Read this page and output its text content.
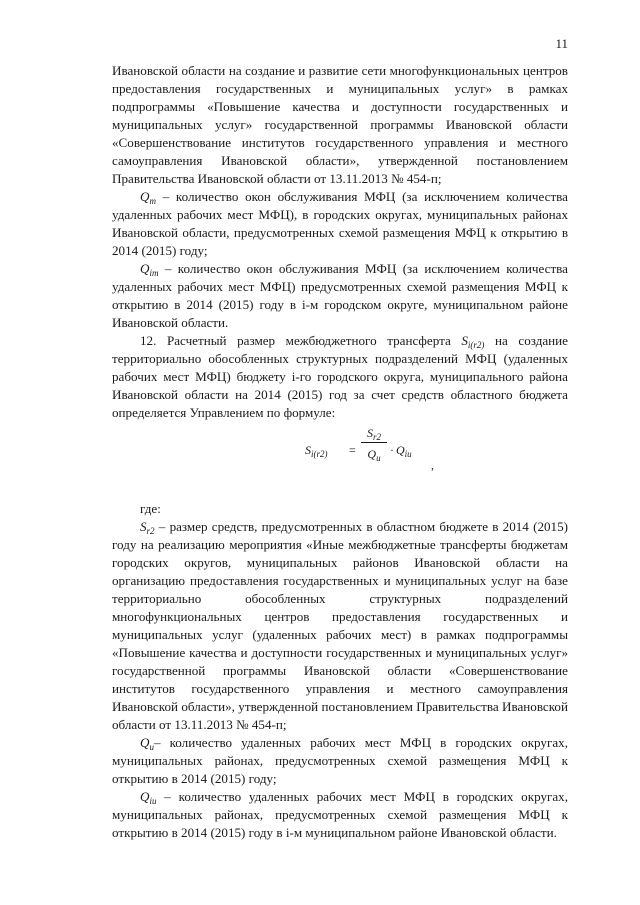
11

Ивановской области на создание и развитие сети многофункциональных центров предоставления государственных и муниципальных услуг» в рамках подпрограммы «Повышение качества и доступности государственных и муниципальных услуг» государственной программы Ивановской области «Совершенствование институтов государственного управления и местного самоуправления Ивановской области», утвержденной постановлением Правительства Ивановской области от 13.11.2013 № 454-п;

$Q_m$ – количество окон обслуживания МФЦ (за исключением количества удаленных рабочих мест МФЦ), в городских округах, муниципальных районах Ивановской области, предусмотренных схемой размещения МФЦ к открытию в 2014 (2015) году;

$Q_{im}$ – количество окон обслуживания МФЦ (за исключением количества удаленных рабочих мест МФЦ) предусмотренных схемой размещения МФЦ к открытию в 2014 (2015) году в i-м городском округе, муниципальном районе Ивановской области.

12. Расчетный размер межбюджетного трансферта $S_{i(r2)}$ на создание территориально обособленных структурных подразделений МФЦ (удаленных рабочих мест МФЦ) бюджету i-го городского округа, муниципального района Ивановской области на 2014 (2015) год за счет средств областного бюджета определяется Управлением по формуле:

$S_{i(r2)}$ =
$S_{r2}$
$Q_u$
· $Q_{iu}$
,

где:

$S_{r2}$ – размер средств, предусмотренных в областном бюджете в 2014 (2015) году на реализацию мероприятия «Иные межбюджетные трансферты бюджетам городских округов, муниципальных районов Ивановской области на организацию предоставления государственных и муниципальных услуг на базе территориально обособленных структурных подразделений многофункциональных центров предоставления государственных и муниципальных услуг (удаленных рабочих мест) в рамках подпрограммы «Повышение качества и доступности государственных и муниципальных услуг» государственной программы Ивановской области «Совершенствование институтов государственного управления и местного самоуправления Ивановской области», утвержденной постановлением Правительства Ивановской области от 13.11.2013 № 454-п;

$Q_u-$ количество удаленных рабочих мест МФЦ в городских округах, муниципальных районах, предусмотренных схемой размещения МФЦ к открытию в 2014 (2015) году;

$Q_{iu}$ – количество удаленных рабочих мест МФЦ в городских округах, муниципальных районах, предусмотренных схемой размещения МФЦ к открытию в 2014 (2015) году в i-м муниципальном районе Ивановской области.
